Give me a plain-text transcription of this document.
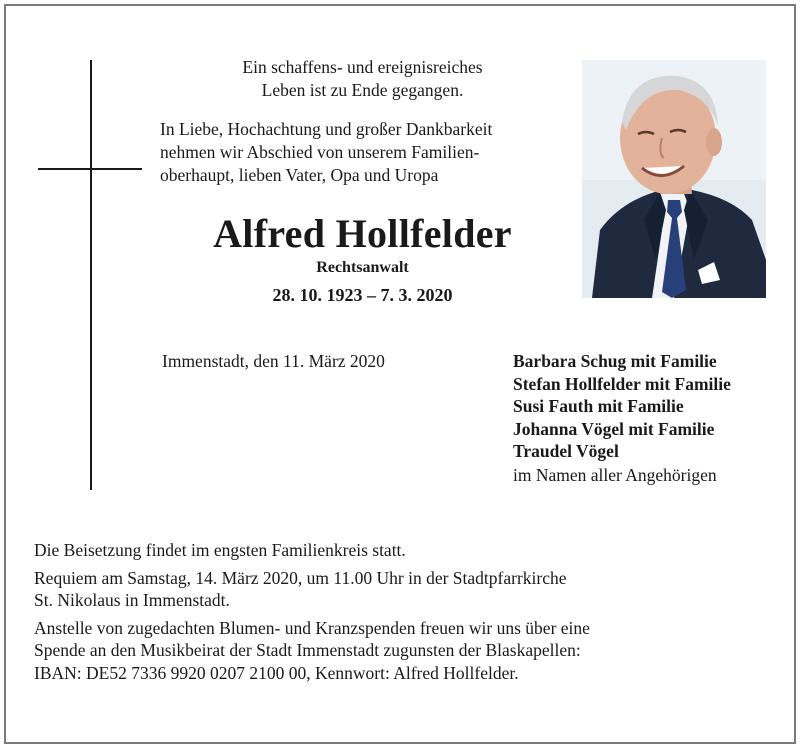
Ein schaffens- und ereignisreiches

Leben ist zu Ende gegangen.

In Liebe, Hochachtung und großer Dankbarkeit
nehmen wir Abschied von unserem Familien-
oberhaupt, lieben Vater, Opa und Uropa
Alfred Hollfelder
Rechtsanwalt
28. 10. 1923 – 7. 3. 2020
Immenstadt, den 11. März 2020	Barbara Schug mit Familie
Stefan Hollfelder mit Familie
Susi Fauth mit Familie
Johanna Vögel mit Familie
Traudel Vögel
im Namen aller Angehörigen

Die Beisetzung findet im engsten Familienkreis statt.

Requiem am Samstag, 14. März 2020, um 11.00 Uhr in der Stadtpfarrkirche
St. Nikolaus in Immenstadt.

Anstelle von zugedachten Blumen- und Kranzspenden freuen wir uns über eine
Spende an den Musikbeirat der Stadt Immenstadt zugunsten der Blaskapellen:
IBAN: DE52 7336 9920 0207 2100 00, Kennwort: Alfred Hollfelder.
